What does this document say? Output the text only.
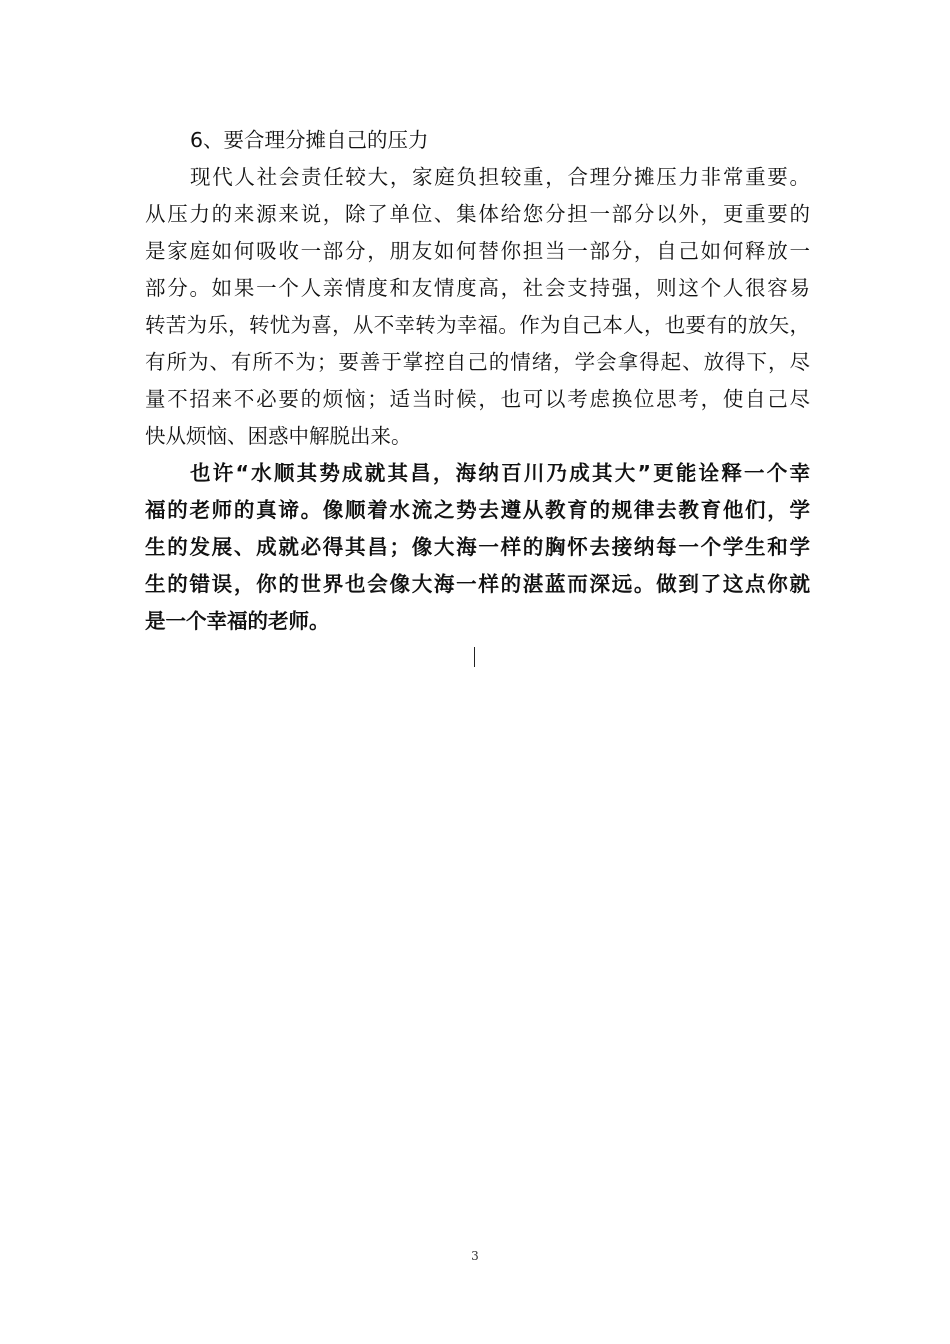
6、要合理分摊自己的压力

现代人社会责任较大，家庭负担较重，合理分摊压力非常重要。

从压力的来源来说，除了单位、集体给您分担一部分以外，更重要的

是家庭如何吸收一部分，朋友如何替你担当一部分，自己如何释放一

部分。如果一个人亲情度和友情度高，社会支持强，则这个人很容易

转苦为乐，转忧为喜，从不幸转为幸福。作为自己本人，也要有的放矢，

有所为、有所不为；要善于掌控自己的情绪，学会拿得起、放得下，尽

量不招来不必要的烦恼；适当时候，也可以考虑换位思考，使自己尽

快从烦恼、困惑中解脱出来。

也许“水顺其势成就其昌，海纳百川乃成其大”更能诠释一个幸

福的老师的真谛。像顺着水流之势去遵从教育的规律去教育他们，学

生的发展、成就必得其昌；像大海一样的胸怀去接纳每一个学生和学

生的错误，你的世界也会像大海一样的湛蓝而深远。做到了这点你就

是一个幸福的老师。

3
